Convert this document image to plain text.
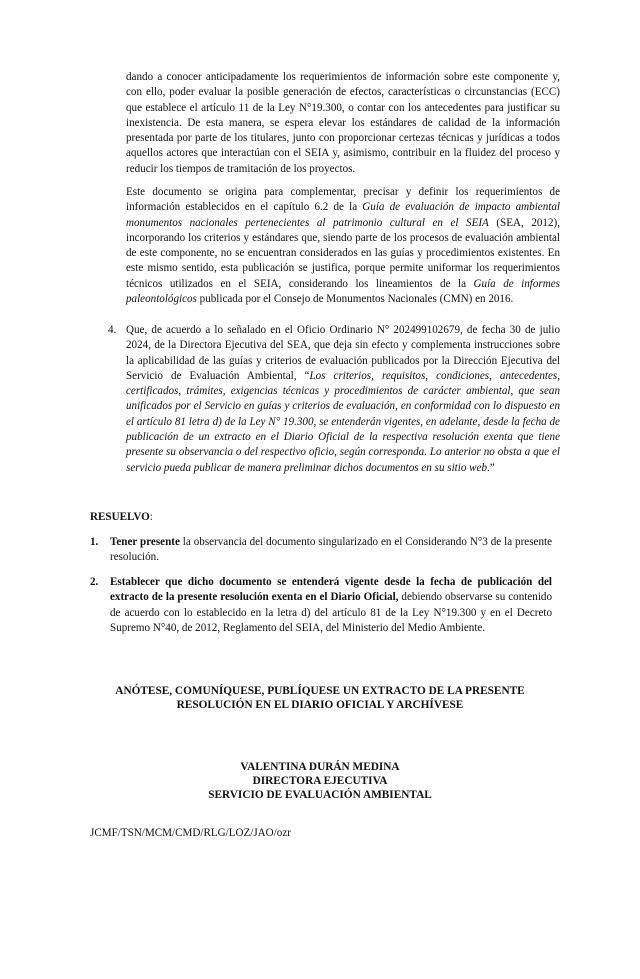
dando a conocer anticipadamente los requerimientos de información sobre este componente y, con ello, poder evaluar la posible generación de efectos, características o circunstancias (ECC) que establece el artículo 11 de la Ley N°19.300, o contar con los antecedentes para justificar su inexistencia. De esta manera, se espera elevar los estándares de calidad de la información presentada por parte de los titulares, junto con proporcionar certezas técnicas y jurídicas a todos aquellos actores que interactúan con el SEIA y, asimismo, contribuir en la fluidez del proceso y reducir los tiempos de tramitación de los proyectos.

Este documento se origina para complementar, precisar y definir los requerimientos de información establecidos en el capítulo 6.2 de la Guía de evaluación de impacto ambiental monumentos nacionales pertenecientes al patrimonio cultural en el SEIA (SEA, 2012), incorporando los criterios y estándares que, siendo parte de los procesos de evaluación ambiental de este componente, no se encuentran considerados en las guías y procedimientos existentes. En este mismo sentido, esta publicación se justifica, porque permite uniformar los requerimientos técnicos utilizados en el SEIA, considerando los lineamientos de la Guía de informes paleontológicos publicada por el Consejo de Monumentos Nacionales (CMN) en 2016.

4. Que, de acuerdo a lo señalado en el Oficio Ordinario N° 202499102679, de fecha 30 de julio 2024, de la Directora Ejecutiva del SEA, que deja sin efecto y complementa instrucciones sobre la aplicabilidad de las guías y criterios de evaluación publicados por la Dirección Ejecutiva del Servicio de Evaluación Ambiental, “Los criterios, requisitos, condiciones, antecedentes, certificados, trámites, exigencias técnicas y procedimientos de carácter ambiental, que sean unificados por el Servicio en guías y criterios de evaluación, en conformidad con lo dispuesto en el artículo 81 letra d) de la Ley N° 19.300, se entenderán vigentes, en adelante, desde la fecha de publicación de un extracto en el Diario Oficial de la respectiva resolución exenta que tiene presente su observancia o del respectivo oficio, según corresponda. Lo anterior no obsta a que el servicio pueda publicar de manera preliminar dichos documentos en su sitio web.”

RESUELVO:

1. Tener presente la observancia del documento singularizado en el Considerando N°3 de la presente resolución.

2. Establecer que dicho documento se entenderá vigente desde la fecha de publicación del extracto de la presente resolución exenta en el Diario Oficial, debiendo observarse su contenido de acuerdo con lo establecido en la letra d) del artículo 81 de la Ley N°19.300 y en el Decreto Supremo N°40, de 2012, Reglamento del SEIA, del Ministerio del Medio Ambiente.

ANÓTESE, COMUNÍQUESE, PUBLÍQUESE UN EXTRACTO DE LA PRESENTE
RESOLUCIÓN EN EL DIARIO OFICIAL Y ARCHÍVESE
VALENTINA DURÁN MEDINA
DIRECTORA EJECUTIVA
SERVICIO DE EVALUACIÓN AMBIENTAL

JCMF/TSN/MCM/CMD/RLG/LOZ/JAO/ozr
